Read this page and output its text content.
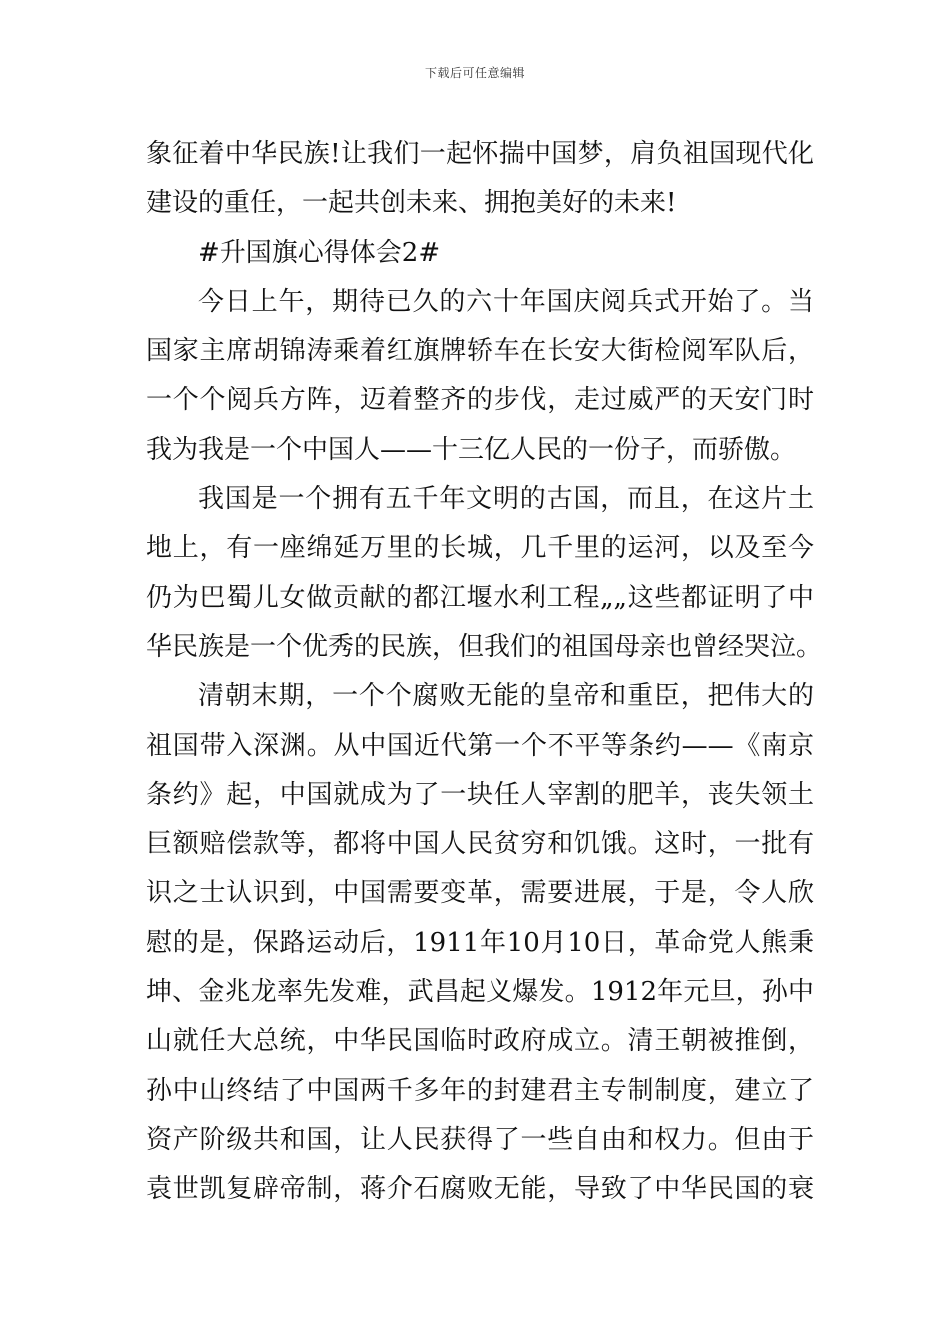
下载后可任意编辑
象征着中华民族!让我们一起怀揣中国梦，肩负祖国现代化
建设的重任，一起共创未来、拥抱美好的未来!
#升国旗心得体会2#
今日上午，期待已久的六十年国庆阅兵式开始了。当
国家主席胡锦涛乘着红旗牌轿车在长安大街检阅军队后，
一个个阅兵方阵，迈着整齐的步伐，走过威严的天安门时
我为我是一个中国人——十三亿人民的一份子，而骄傲。
我国是一个拥有五千年文明的古国，而且，在这片土
地上，有一座绵延万里的长城，几千里的运河，以及至今
仍为巴蜀儿女做贡献的都江堰水利工程„„这些都证明了中
华民族是一个优秀的民族，但我们的祖国母亲也曾经哭泣。
清朝末期，一个个腐败无能的皇帝和重臣，把伟大的
祖国带入深渊。从中国近代第一个不平等条约——《南京
条约》起，中国就成为了一块任人宰割的肥羊，丧失领土
巨额赔偿款等，都将中国人民贫穷和饥饿。这时，一批有
识之士认识到，中国需要变革，需要进展，于是，令人欣
慰的是，保路运动后，1911年10月10日，革命党人熊秉
坤、金兆龙率先发难，武昌起义爆发。1912年元旦，孙中
山就任大总统，中华民国临时政府成立。清王朝被推倒，
孙中山终结了中国两千多年的封建君主专制制度，建立了
资产阶级共和国，让人民获得了一些自由和权力。但由于
袁世凯复辟帝制，蒋介石腐败无能，导致了中华民国的衰
